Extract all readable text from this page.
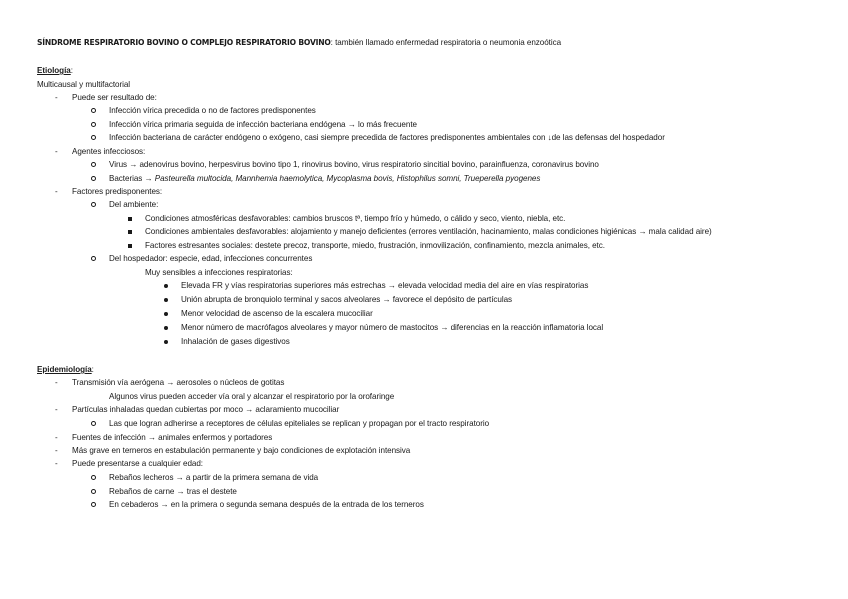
SÍNDROME RESPIRATORIO BOVINO O COMPLEJO RESPIRATORIO BOVINO: también llamado enfermedad respiratoria o neumonia enzoótica
Etiología:
Multicausal y multifactorial
- Puede ser resultado de:
Infección vírica precedida o no de factores predisponentes
Infección vírica primaria seguida de infección bacteriana endógena → lo más frecuente
Infección bacteriana de carácter endógeno o exógeno, casi siempre precedida de factores predisponentes ambientales con ↓de las defensas del hospedador
- Agentes infecciosos:
Virus → adenovirus bovino, herpesvirus bovino tipo 1, rinovirus bovino, virus respiratorio sincitial bovino, parainfluenza, coronavirus bovino
Bacterias → Pasteurella multocida, Mannhemia haemolytica, Mycoplasma bovis, Histophilus somni, Trueperella pyogenes
- Factores predisponentes:
Del ambiente:
Condiciones atmosféricas desfavorables: cambios bruscos tª, tiempo frío y húmedo, o cálido y seco, viento, niebla, etc.
Condiciones ambientales desfavorables: alojamiento y manejo deficientes (errores ventilación, hacinamiento, malas condiciones higiénicas → mala calidad aire)
Factores estresantes sociales: destete precoz, transporte, miedo, frustración, inmovilización, confinamiento, mezcla animales, etc.
Del hospedador: especie, edad, infecciones concurrentes
Muy sensibles a infecciones respiratorias:
Elevada FR y vías respiratorias superiores más estrechas → elevada velocidad media del aire en vías respiratorias
Unión abrupta de bronquiolo terminal y sacos alveolares → favorece el depósito de partículas
Menor velocidad de ascenso de la escalera mucociliar
Menor número de macrófagos alveolares y mayor número de mastocitos → diferencias en la reacción inflamatoria local
Inhalación de gases digestivos
Epidemiología:
- Transmisión vía aerógena → aerosoles o núcleos de gotitas
Algunos virus pueden acceder vía oral y alcanzar el respiratorio por la orofaringe
- Partículas inhaladas quedan cubiertas por moco → aclaramiento mucociliar
Las que logran adherirse a receptores de células epiteliales se replican y propagan por el tracto respiratorio
- Fuentes de infección → animales enfermos y portadores
- Más grave en terneros en estabulación permanente y bajo condiciones de explotación intensiva
- Puede presentarse a cualquier edad:
Rebaños lecheros → a partir de la primera semana de vida
Rebaños de carne → tras el destete
En cebaderos → en la primera o segunda semana después de la entrada de los terneros
